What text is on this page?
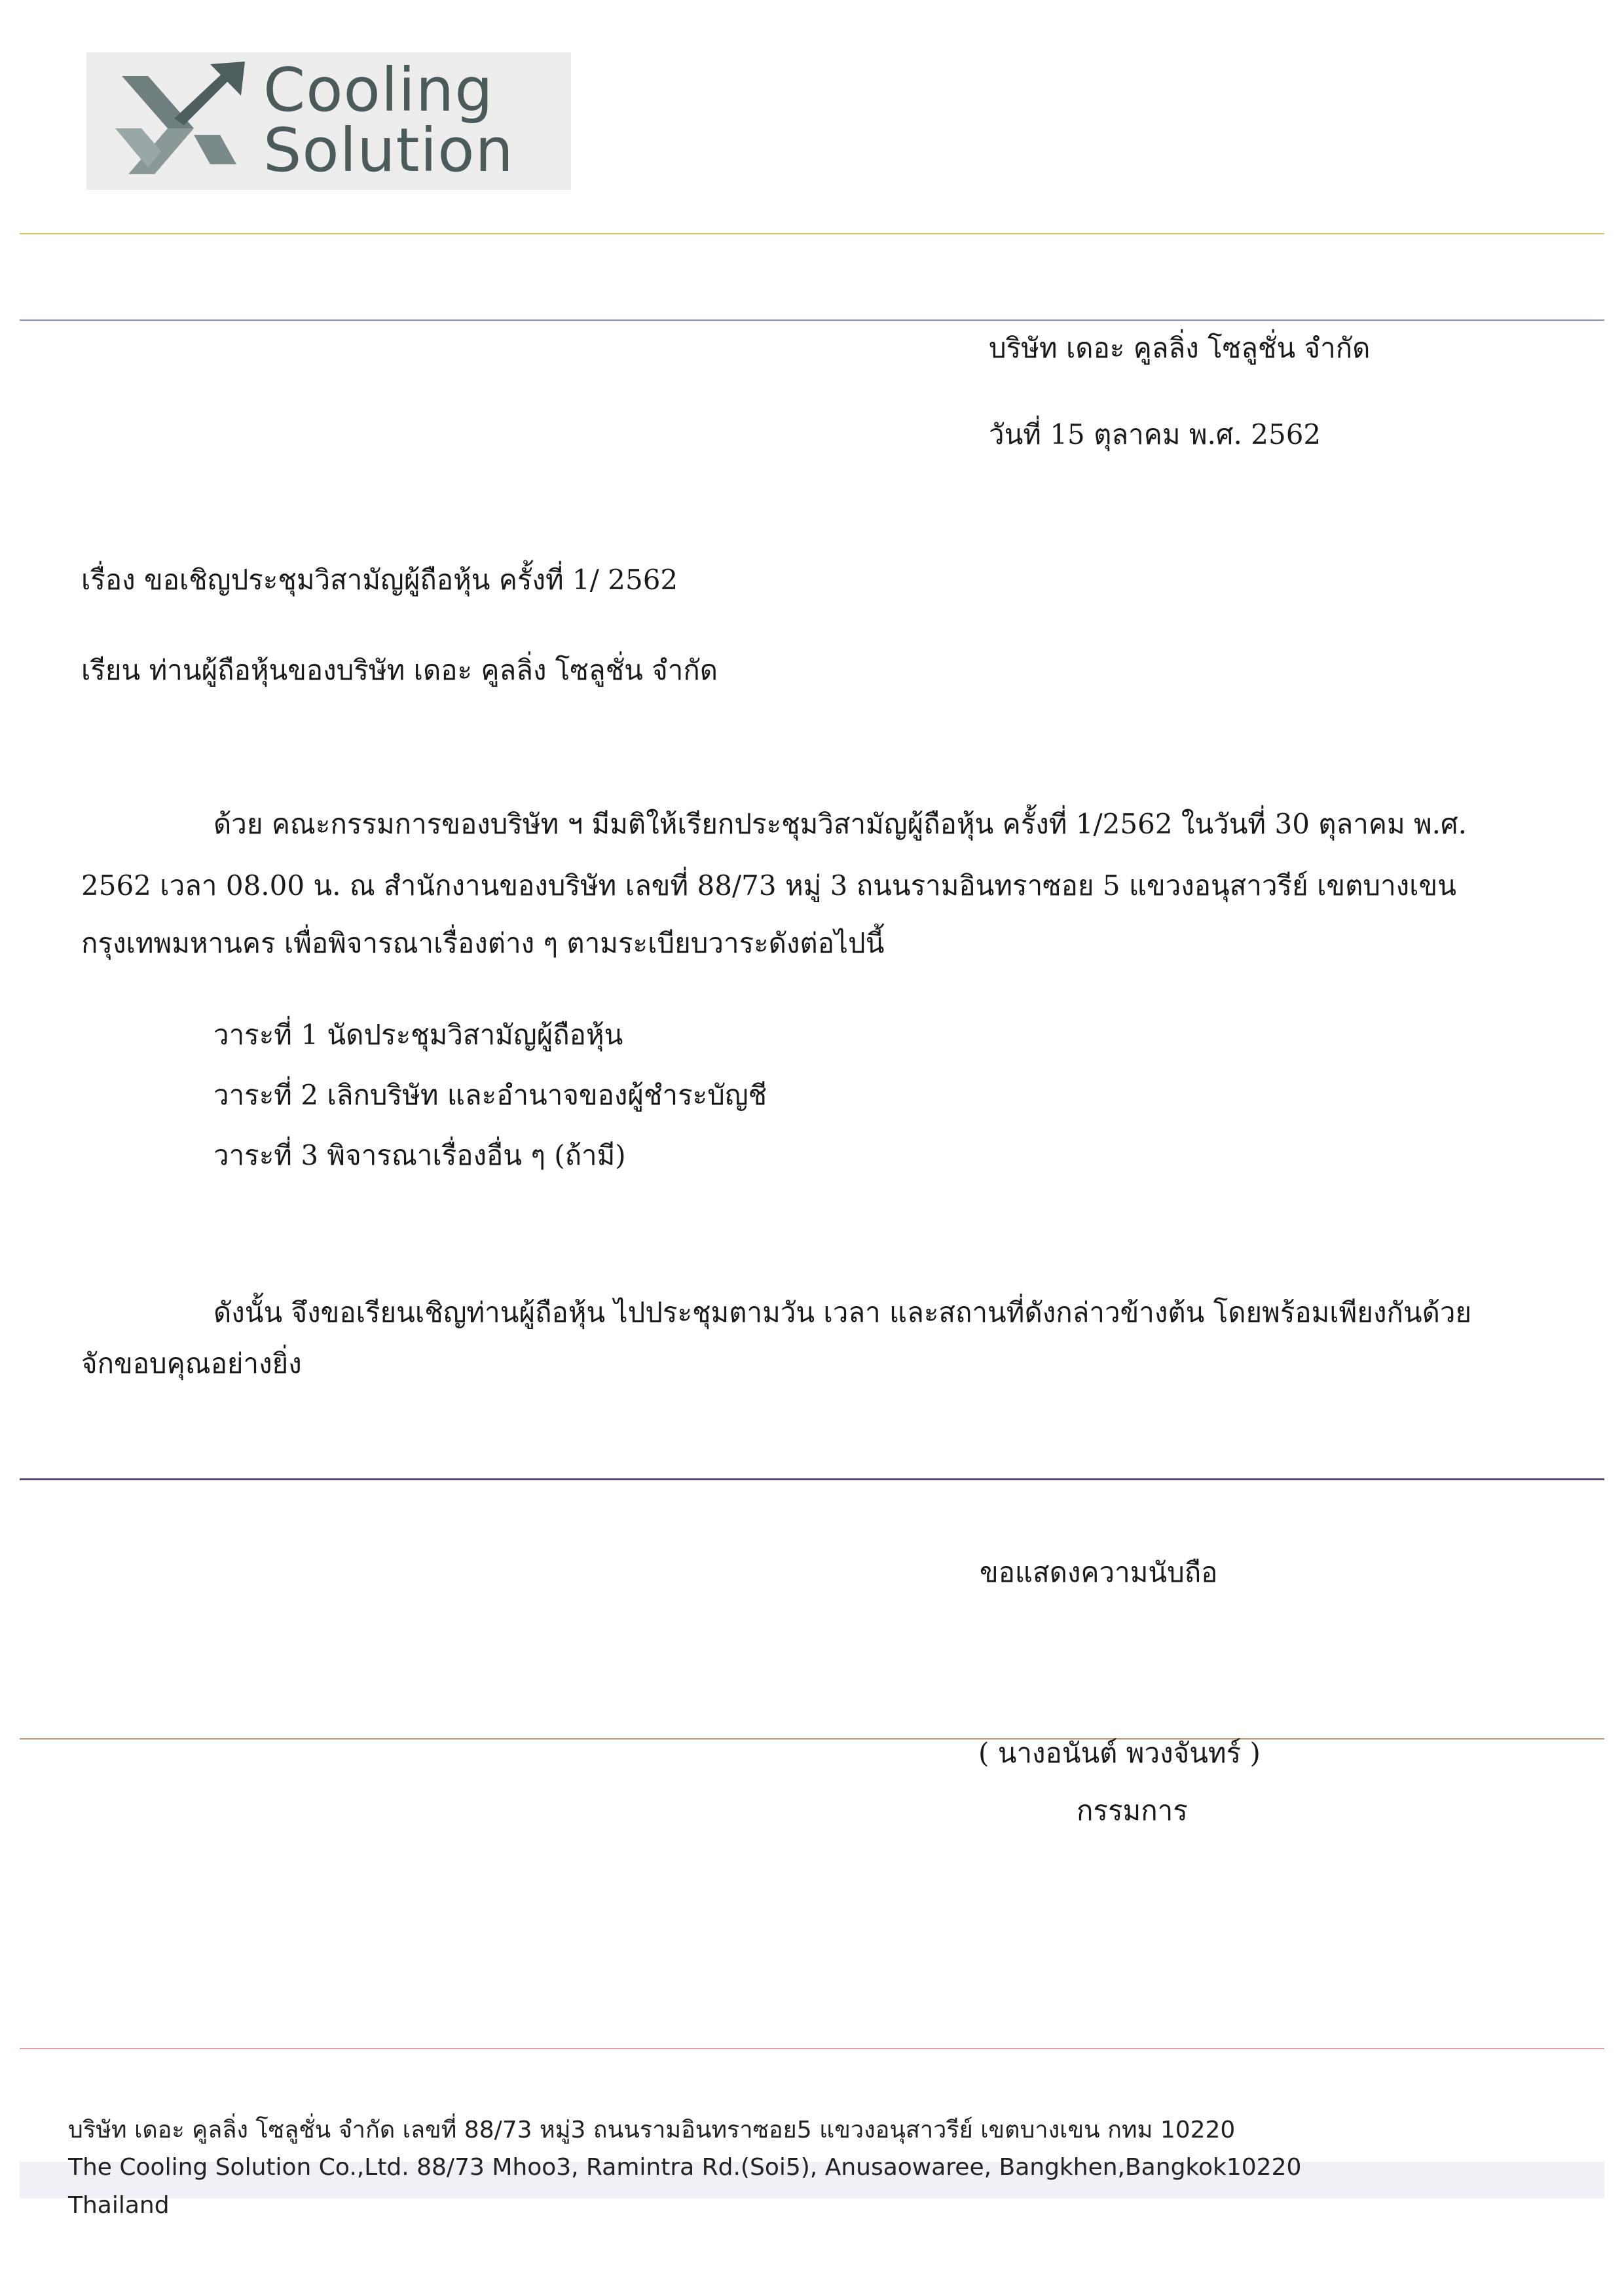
Cooling
Solution
บริษัท เดอะ คูลลิ่ง โซลูชั่น จำกัด
วันที่ 15 ตุลาคม พ.ศ. 2562
เรื่อง ขอเชิญประชุมวิสามัญผู้ถือหุ้น ครั้งที่ 1/ 2562
เรียน ท่านผู้ถือหุ้นของบริษัท เดอะ คูลลิ่ง โซลูชั่น จำกัด
ด้วย คณะกรรมการของบริษัท ฯ มีมติให้เรียกประชุมวิสามัญผู้ถือหุ้น ครั้งที่ 1/2562 ในวันที่ 30 ตุลาคม พ.ศ.
2562 เวลา 08.00 น. ณ สำนักงานของบริษัท เลขที่ 88/73 หมู่ 3 ถนนรามอินทราซอย 5 แขวงอนุสาวรีย์ เขตบางเขน
กรุงเทพมหานคร เพื่อพิจารณาเรื่องต่าง ๆ ตามระเบียบวาระดังต่อไปนี้
วาระที่ 1 นัดประชุมวิสามัญผู้ถือหุ้น
วาระที่ 2 เลิกบริษัท และอำนาจของผู้ชำระบัญชี
วาระที่ 3 พิจารณาเรื่องอื่น ๆ (ถ้ามี)
ดังนั้น จึงขอเรียนเชิญท่านผู้ถือหุ้น ไปประชุมตามวัน เวลา และสถานที่ดังกล่าวข้างต้น โดยพร้อมเพียงกันด้วย
จักขอบคุณอย่างยิ่ง
ขอแสดงความนับถือ
( นางอนันต์ พวงจันทร์ )
กรรมการ
บริษัท เดอะ คูลลิ่ง โซลูชั่น จำกัด เลขที่ 88/73 หมู่3 ถนนรามอินทราซอย5 แขวงอนุสาวรีย์ เขตบางเขน กทม 10220
The Cooling Solution Co.,Ltd. 88/73 Mhoo3, Ramintra Rd.(Soi5), Anusaowaree, Bangkhen,Bangkok10220
Thailand
